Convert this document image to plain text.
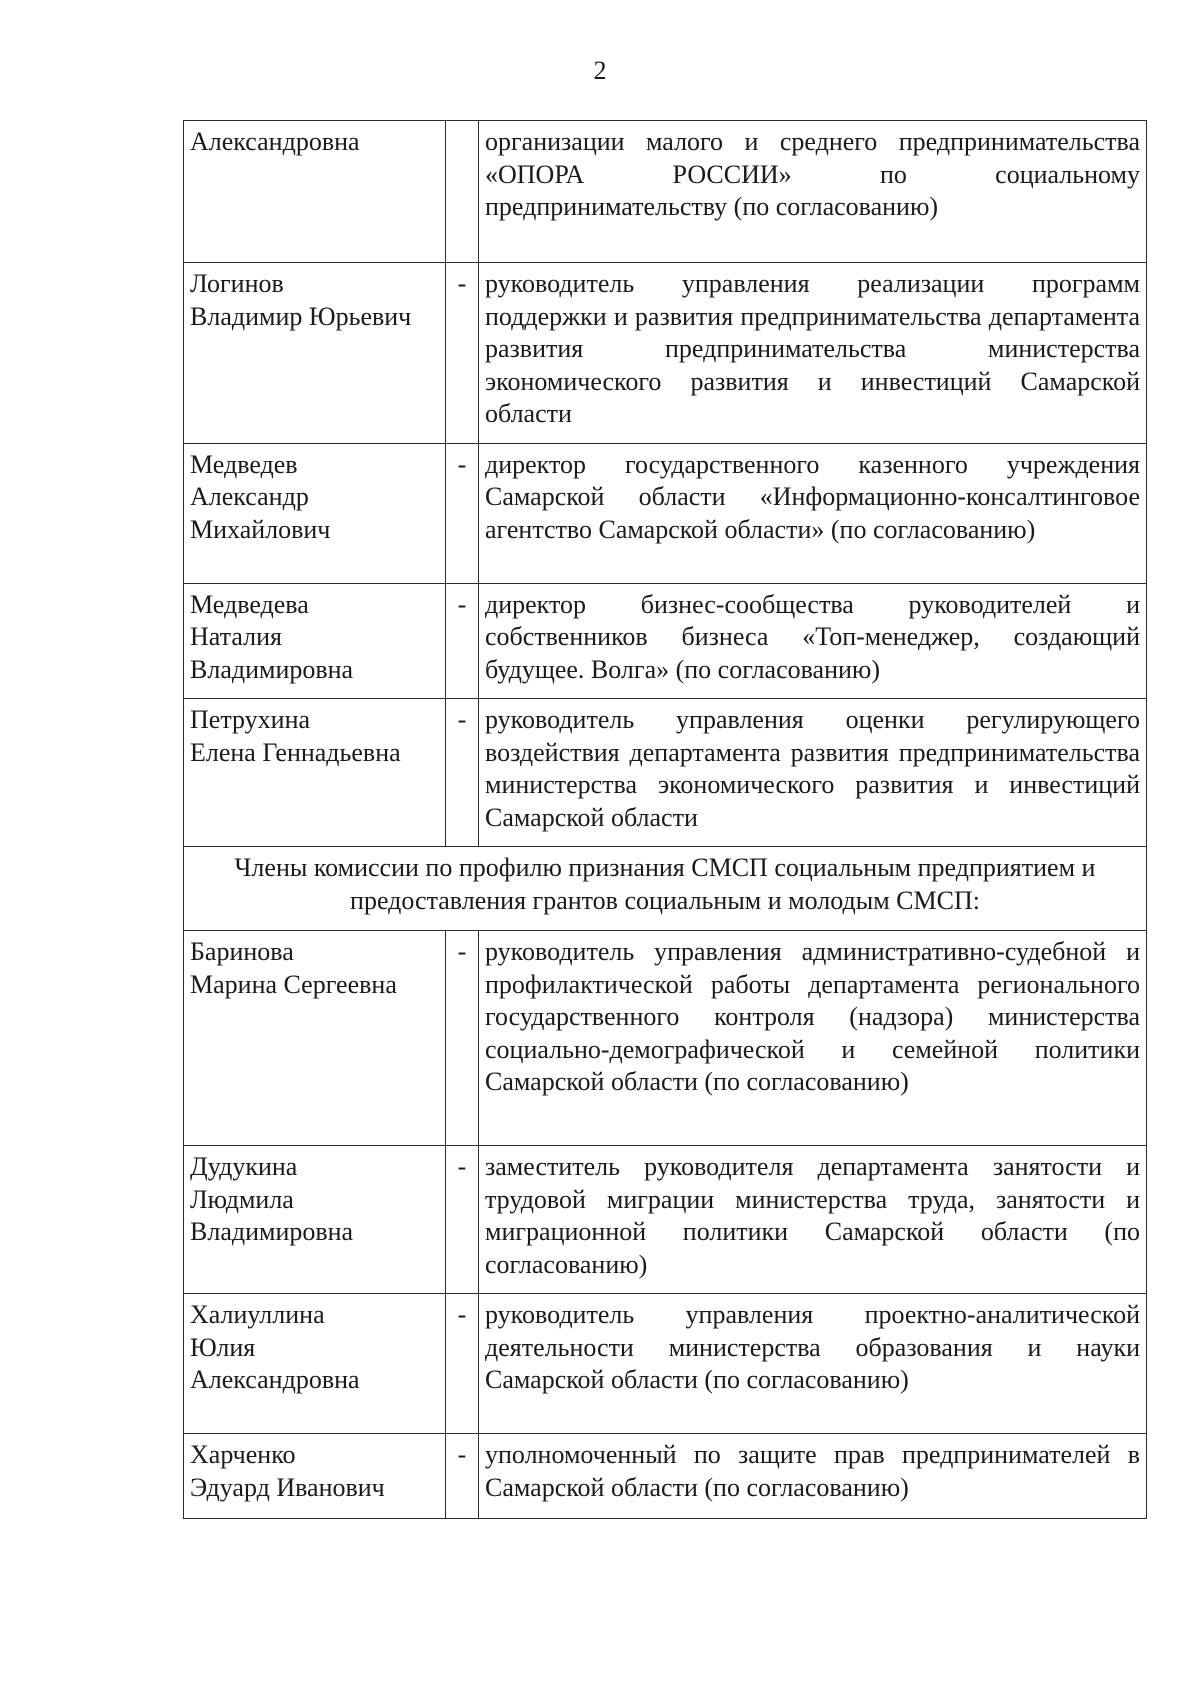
2
Александровна		организации малого и среднего предпринимательства «ОПОРА РОССИИ» по социальному предпринимательству (по согласованию)

Логинов
Владимир Юрьевич	-	руководитель управления реализации программ поддержки и развития предпринимательства департамента развития предпринимательства министерства экономического развития и инвестиций Самарской области

Медведев
Александр
Михайлович	-	директор государственного казенного учреждения Самарской области «Информационно-консалтинговое агентство Самарской области» (по согласованию)

Медведева
Наталия
Владимировна	-	директор бизнес-сообщества руководителей и собственников бизнеса «Топ-менеджер, создающий будущее. Волга» (по согласованию)

Петрухина
Елена Геннадьевна	-	руководитель управления оценки регулирующего воздействия департамента развития предпринимательства министерства экономического развития и инвестиций Самарской области
Члены комиссии по профилю признания СМСП социальным предприятием и предоставления грантов социальным и молодым СМСП:		

Баринова
Марина Сергеевна	-	руководитель управления административно-судебной и профилактической работы департамента регионального государственного контроля (надзора) министерства социально-демографической и семейной политики Самарской области (по согласованию)

Дудукина
Людмила
Владимировна	-	заместитель руководителя департамента занятости и трудовой миграции министерства труда, занятости и миграционной политики Самарской области (по согласованию)

Халиуллина
Юлия
Александровна	-	руководитель управления проектно-аналитической деятельности министерства образования и науки Самарской области (по согласованию)

Харченко
Эдуард Иванович	-	уполномоченный по защите прав предпринимателей в Самарской области (по согласованию)
